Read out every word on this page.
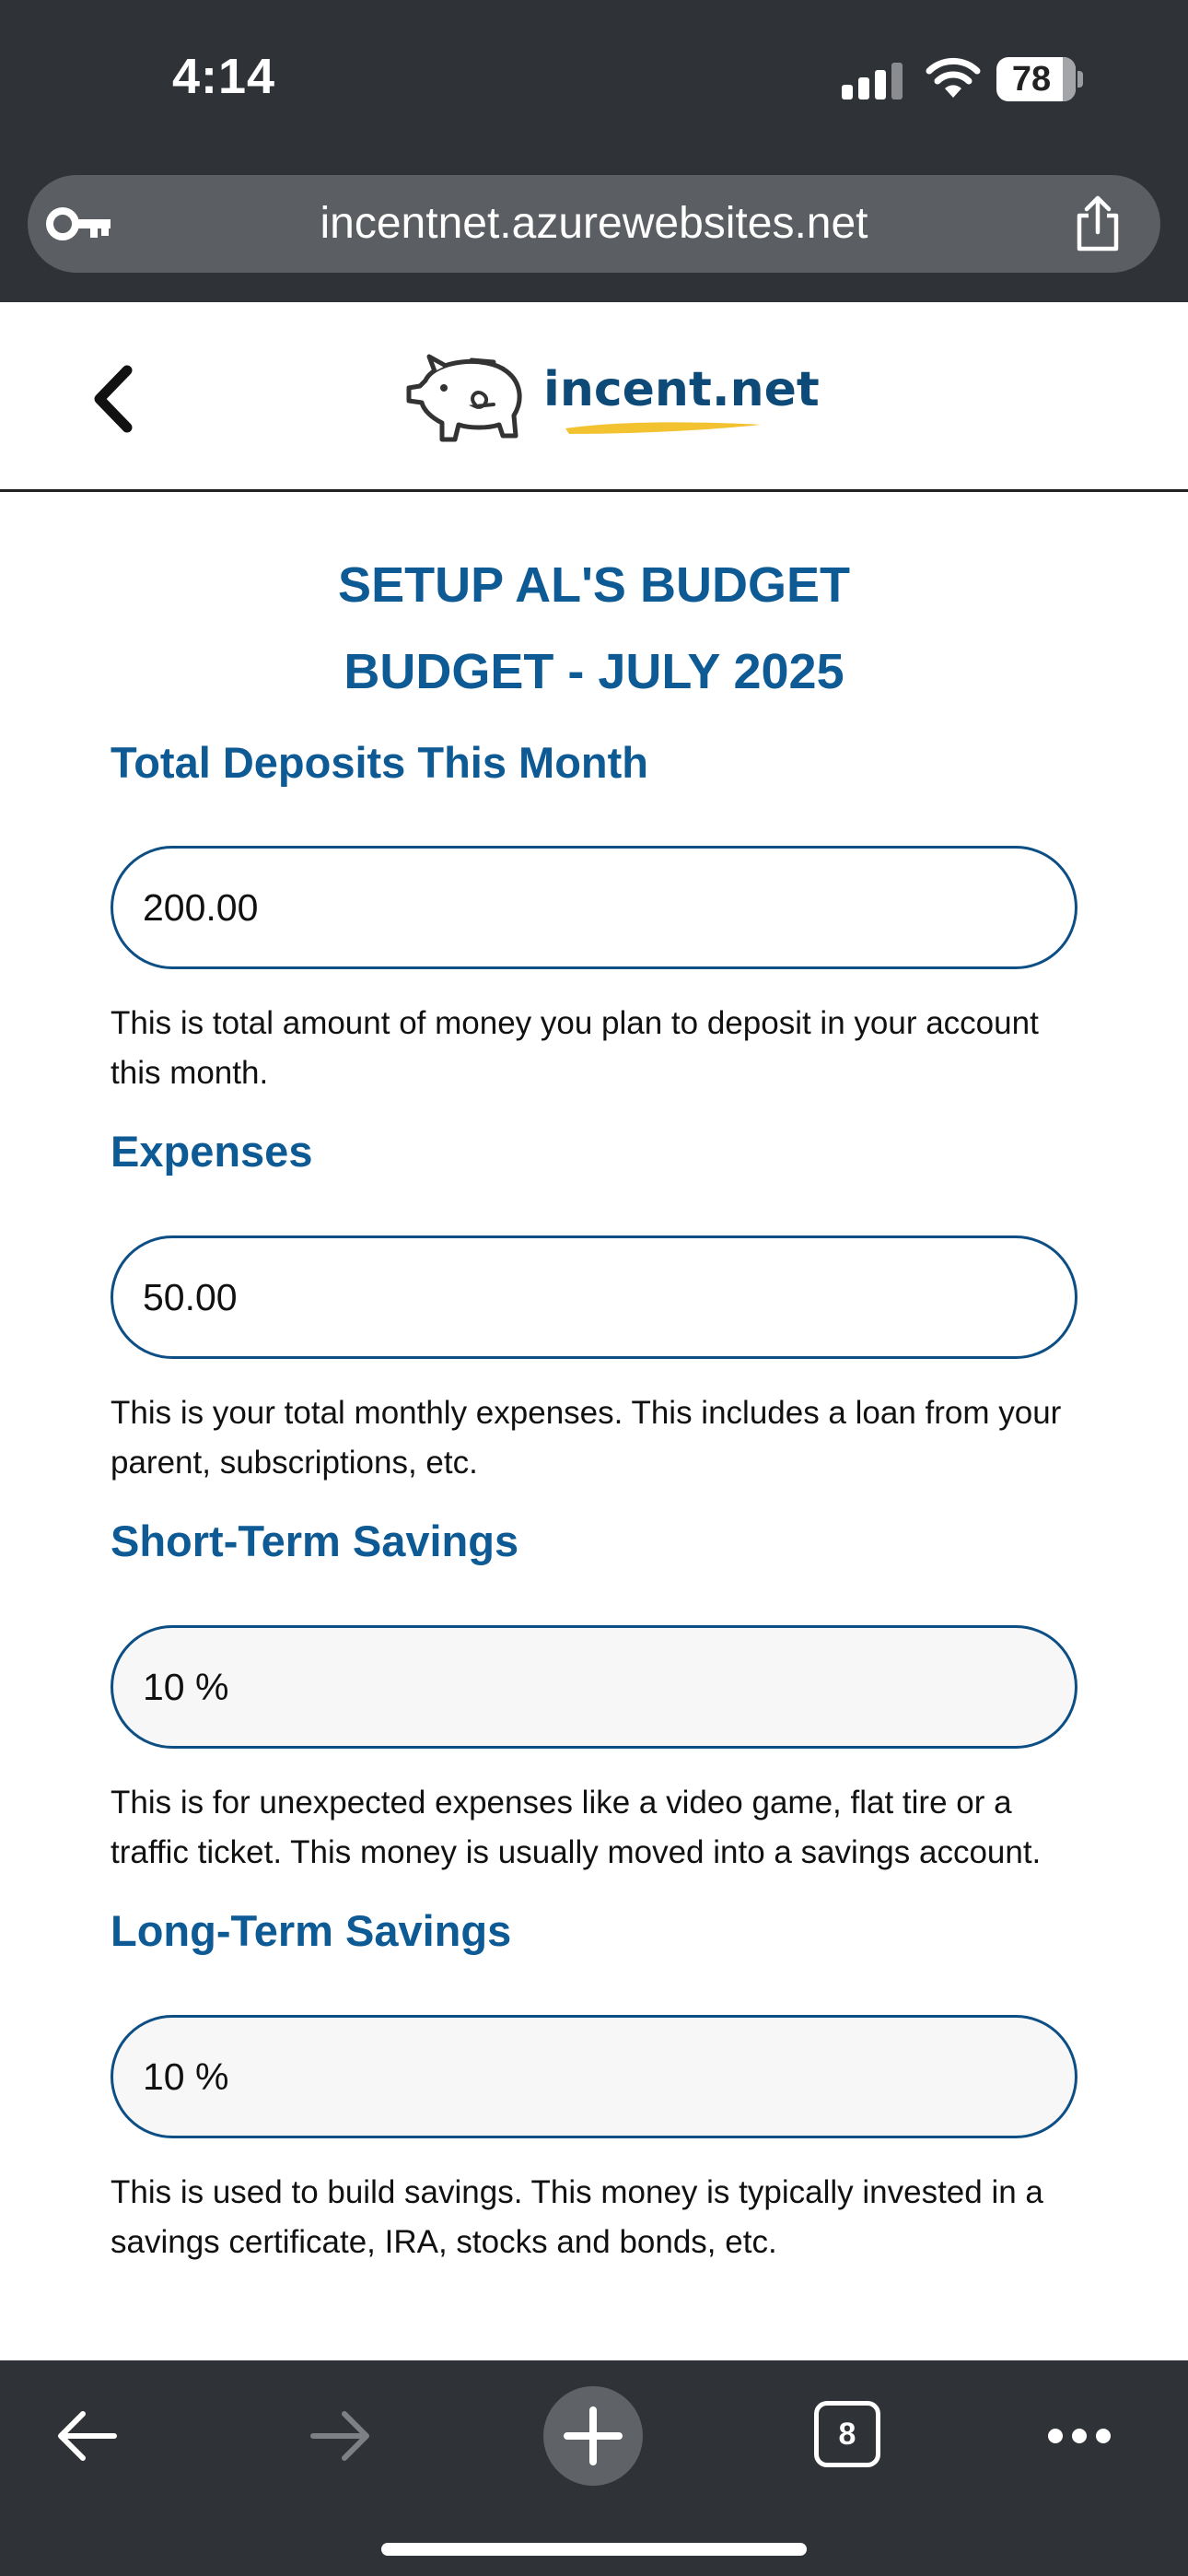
4:14	78
incentnet.azurewebsites.net
incent.net
SETUP AL'S BUDGET
BUDGET - JULY 2025
Total Deposits This Month
200.00
This is total amount of money you plan to deposit in your account this month.
Expenses
50.00
This is your total monthly expenses. This includes a loan from your parent, subscriptions, etc.
Short-Term Savings
10 %
This is for unexpected expenses like a video game, flat tire or a traffic ticket. This money is usually moved into a savings account.
Long-Term Savings
10 %
This is used to build savings. This money is typically invested in a savings certificate, IRA, stocks and bonds, etc.
8
